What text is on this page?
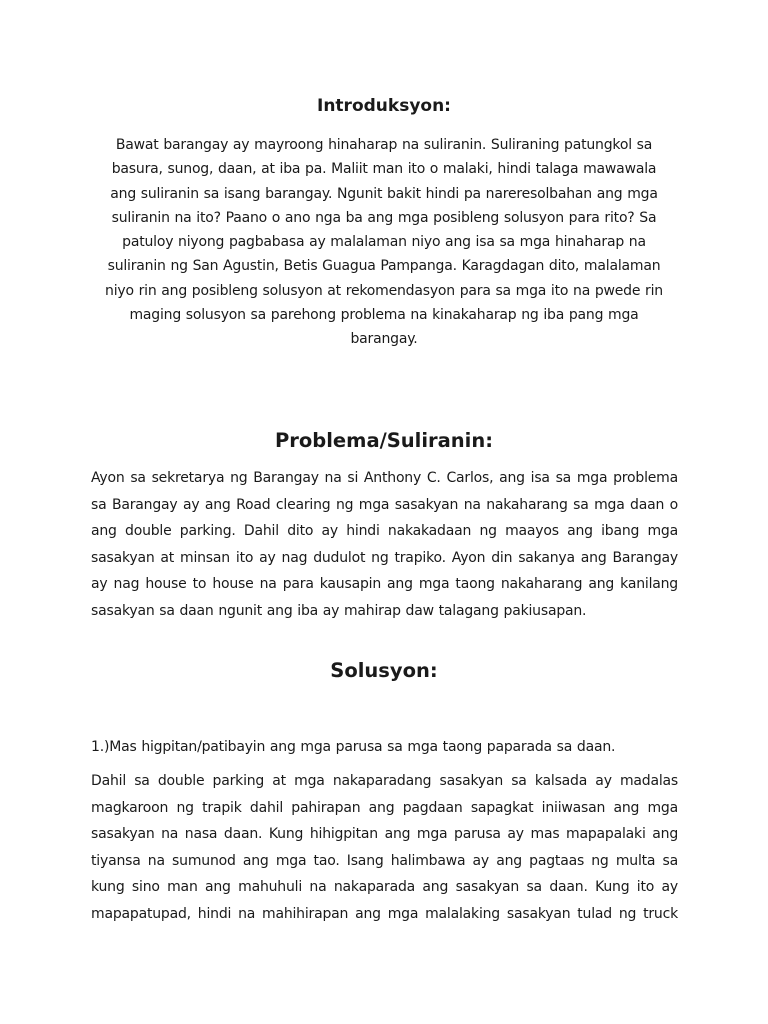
Introduksyon:

Bawat barangay ay mayroong hinaharap na suliranin. Suliraning patungkol sa basura, sunog, daan, at iba pa. Maliit man ito o malaki, hindi talaga mawawala ang suliranin sa isang barangay. Ngunit bakit hindi pa nareresolbahan ang mga suliranin na ito? Paano o ano nga ba ang mga posibleng solusyon para rito? Sa patuloy niyong pagbabasa ay malalaman niyo ang isa sa mga hinaharap na suliranin ng San Agustin, Betis Guagua Pampanga. Karagdagan dito, malalaman niyo rin ang posibleng solusyon at rekomendasyon para sa mga ito na pwede rin maging solusyon sa parehong problema na kinakaharap ng iba pang mga barangay.

Problema/Suliranin:

Ayon sa sekretarya ng Barangay na si Anthony C. Carlos, ang isa sa mga problema sa Barangay ay ang Road clearing ng mga sasakyan na nakaharang sa mga daan o ang double parking. Dahil dito ay hindi nakakadaan ng maayos ang ibang mga sasakyan at minsan ito ay nag dudulot ng trapiko. Ayon din sakanya ang Barangay ay nag house to house na para kausapin ang mga taong nakaharang ang kanilang sasakyan sa daan ngunit ang iba ay mahirap daw talagang pakiusapan.

Solusyon:

1.)Mas higpitan/patibayin ang mga parusa sa mga taong paparada sa daan.

Dahil sa double parking at mga nakaparadang sasakyan sa kalsada ay madalas magkaroon ng trapik dahil pahirapan ang pagdaan sapagkat iniiwasan ang mga sasakyan na nasa daan. Kung hihigpitan ang mga parusa ay mas mapapalaki ang tiyansa na sumunod ang mga tao. Isang halimbawa ay ang pagtaas ng multa sa kung sino man ang mahuhuli na nakaparada ang sasakyan sa daan. Kung ito ay mapapatupad, hindi na mahihirapan ang mga malalaking sasakyan tulad ng truck
